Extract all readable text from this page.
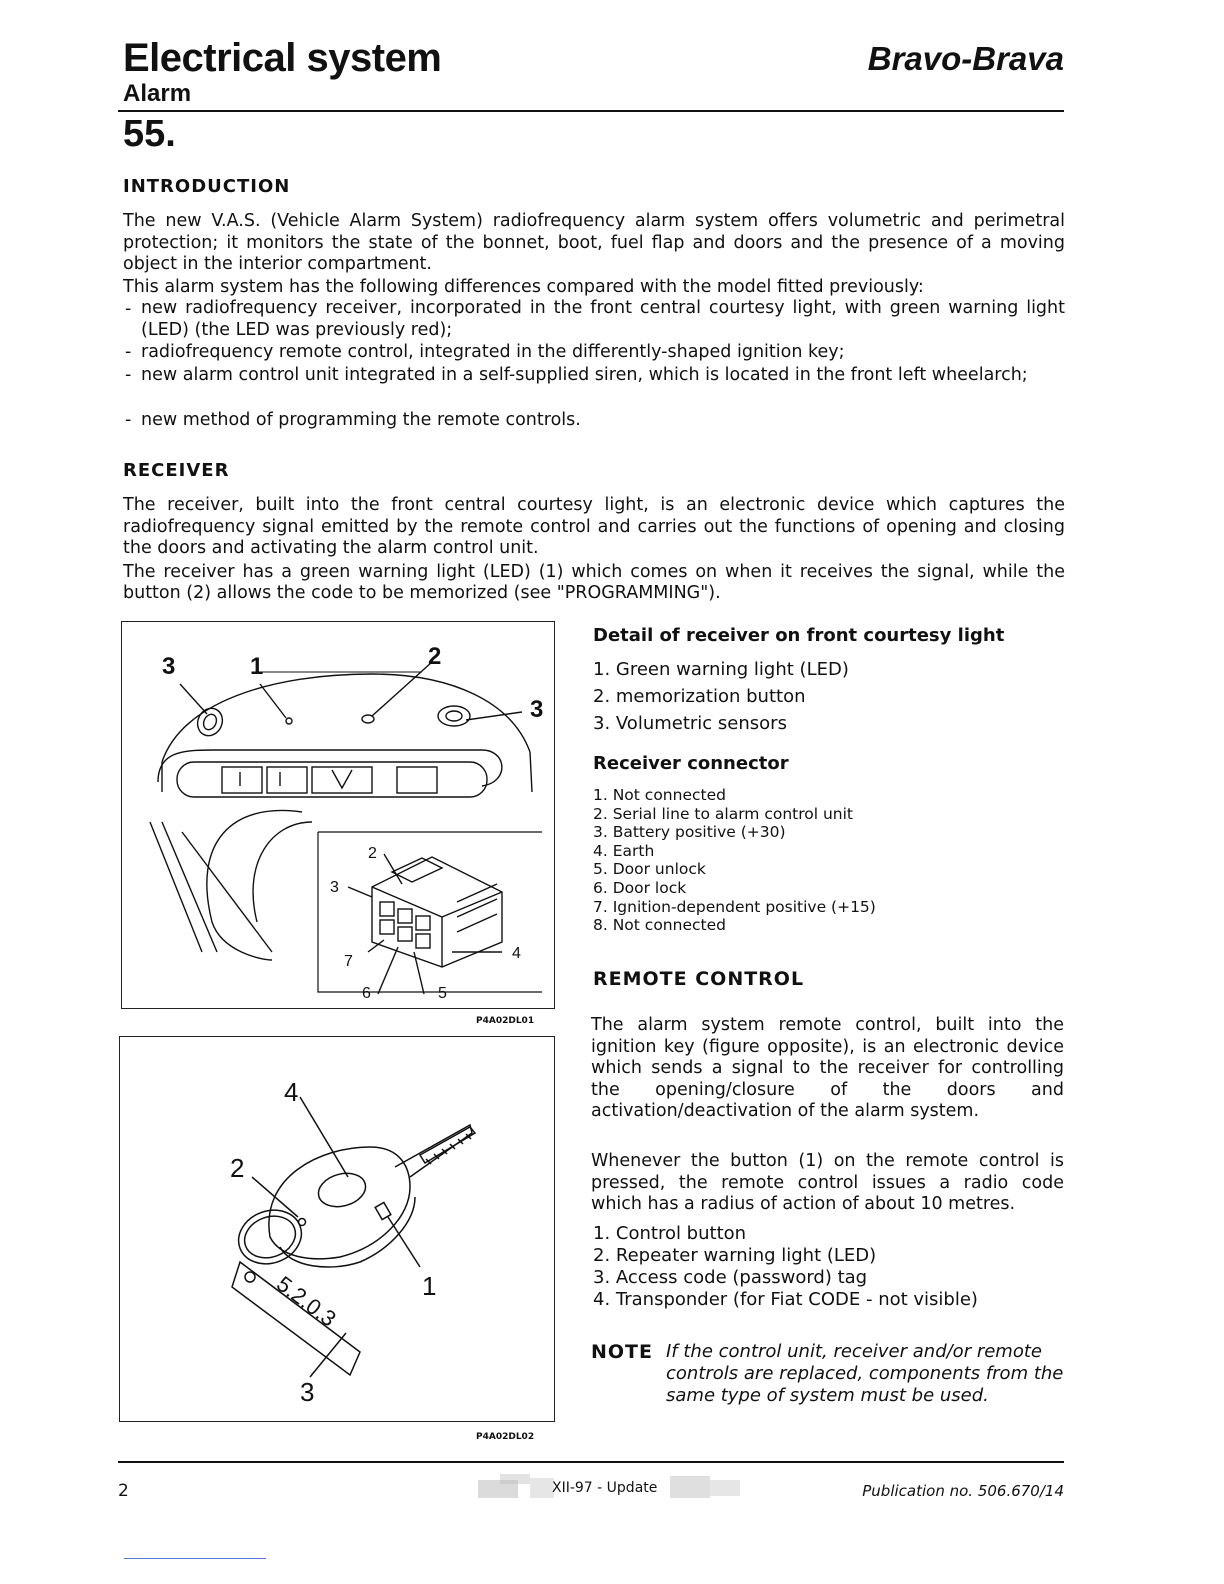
Electrical system	Bravo-Brava
Alarm
55.
INTRODUCTION
The new V.A.S. (Vehicle Alarm System) radiofrequency alarm system offers volumetric and perimetral protection; it monitors the state of the bonnet, boot, fuel flap and doors and the presence of a moving object in the interior compartment.
This alarm system has the following differences compared with the model fitted previously:
- new radiofrequency receiver, incorporated in the front central courtesy light, with green warning light (LED) (the LED was previously red);
- radiofrequency remote control, integrated in the differently-shaped ignition key;
- new alarm control unit integrated in a self-supplied siren, which is located in the front left wheelarch;
- new method of programming the remote controls.
RECEIVER
The receiver, built into the front central courtesy light, is an electronic device which captures the radiofrequency signal emitted by the remote control and carries out the functions of opening and closing the doors and activating the alarm control unit.
The receiver has a green warning light (LED) (1) which comes on when it receives the signal, while the button (2) allows the code to be memorized (see "PROGRAMMING").
3	1	2
3
2
3
7	4
6	5
P4A02DL01
5.2.0.3
4
2
1
3
P4A02DL02
Detail of receiver on front courtesy light
1. Green warning light (LED)
2. memorization button
3. Volumetric sensors
Receiver connector
1. Not connected
2. Serial line to alarm control unit
3. Battery positive (+30)
4. Earth
5. Door unlock
6. Door lock
7. Ignition-dependent positive (+15)
8. Not connected
REMOTE CONTROL
The alarm system remote control, built into the ignition key (figure opposite), is an electronic device which sends a signal to the receiver for controlling the opening/closure of the doors and activation/deactivation of the alarm system.
Whenever the button (1) on the remote control is pressed, the remote control issues a radio code which has a radius of action of about 10 metres.
1. Control button
2. Repeater warning light (LED)
3. Access code (password) tag
4. Transponder (for Fiat CODE - not visible)
NOTE If the control unit, receiver and/or remote controls are replaced, components from the same type of system must be used.
2	XII-97 - Update	Publication no. 506.670/14
